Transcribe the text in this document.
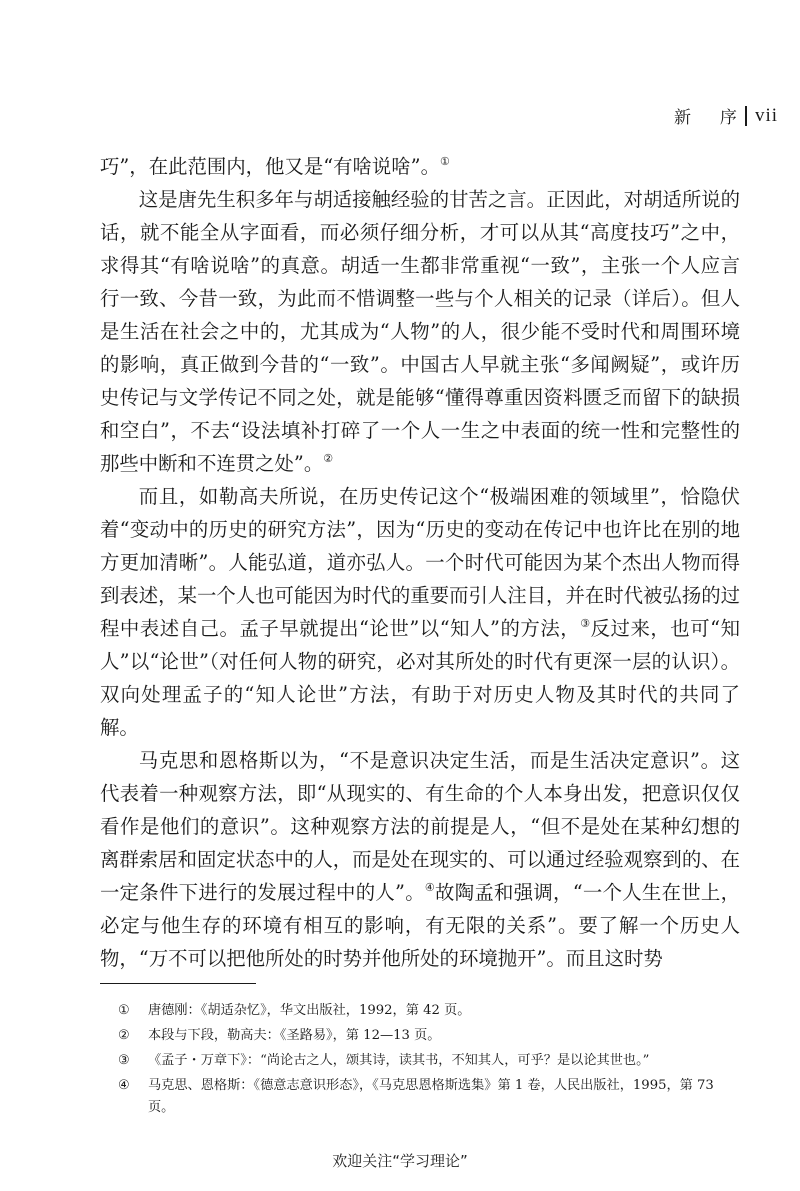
新　序 vii

巧”，在此范围内，他又是“有啥说啥”。①

这是唐先生积多年与胡适接触经验的甘苦之言。正因此，对胡适所说的话，就不能全从字面看，而必须仔细分析，才可以从其“高度技巧”之中，求得其“有啥说啥”的真意。胡适一生都非常重视“一致”，主张一个人应言行一致、今昔一致，为此而不惜调整一些与个人相关的记录（详后）。但人是生活在社会之中的，尤其成为“人物”的人，很少能不受时代和周围环境的影响，真正做到今昔的“一致”。中国古人早就主张“多闻阙疑”，或许历史传记与文学传记不同之处，就是能够“懂得尊重因资料匮乏而留下的缺损和空白”，不去“设法填补打碎了一个人一生之中表面的统一性和完整性的那些中断和不连贯之处”。②

而且，如勒高夫所说，在历史传记这个“极端困难的领域里”，恰隐伏着“变动中的历史的研究方法”，因为“历史的变动在传记中也许比在别的地方更加清晰”。人能弘道，道亦弘人。一个时代可能因为某个杰出人物而得到表述，某一个人也可能因为时代的重要而引人注目，并在时代被弘扬的过程中表述自己。孟子早就提出“论世”以“知人”的方法，③反过来，也可“知人”以“论世”（对任何人物的研究，必对其所处的时代有更深一层的认识）。双向处理孟子的“知人论世”方法，有助于对历史人物及其时代的共同了解。

马克思和恩格斯以为，“不是意识决定生活，而是生活决定意识”。这代表着一种观察方法，即“从现实的、有生命的个人本身出发，把意识仅仅看作是他们的意识”。这种观察方法的前提是人，“但不是处在某种幻想的离群索居和固定状态中的人，而是处在现实的、可以通过经验观察到的、在一定条件下进行的发展过程中的人”。④故陶孟和强调，“一个人生在世上，必定与他生存的环境有相互的影响，有无限的关系”。要了解一个历史人物，“万不可以把他所处的时势并他所处的环境抛开”。而且这时势

①	唐德刚：《胡适杂忆》，华文出版社，1992，第 42 页。
②	本段与下段，勒高夫：《圣路易》，第 12—13 页。
③	《孟子・万章下》：“尚论古之人，颂其诗，读其书，不知其人，可乎？是以论其世也。”
④	马克思、恩格斯：《德意志意识形态》，《马克思恩格斯选集》第 1 卷，人民出版社，1995，第 73 页。
欢迎关注“学习理论”
